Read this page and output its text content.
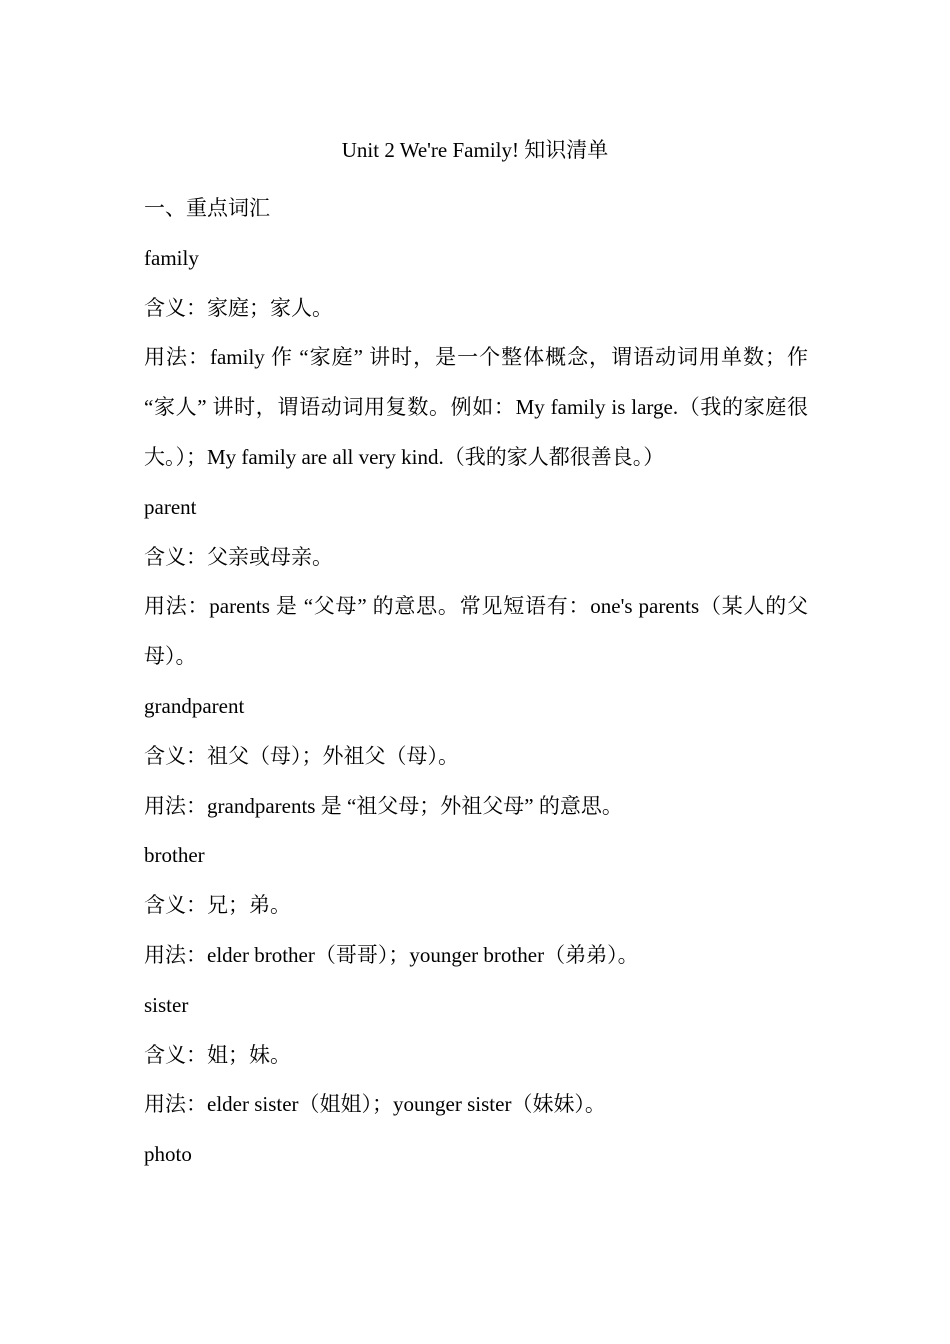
Unit 2 We're Family! 知识清单
一、重点词汇
family
含义：家庭；家人。
用法：family 作 “家庭” 讲时，是一个整体概念，谓语动词用单数；作 “家人” 讲时，谓语动词用复数。例如：My family is large.（我的家庭很大。）；My family are all very kind.（我的家人都很善良。）
parent
含义：父亲或母亲。
用法：parents 是 “父母” 的意思。常见短语有：one's parents（某人的父母）。
grandparent
含义：祖父（母）；外祖父（母）。
用法：grandparents 是 “祖父母；外祖父母” 的意思。
brother
含义：兄；弟。
用法：elder brother（哥哥）；younger brother（弟弟）。
sister
含义：姐；妹。
用法：elder sister（姐姐）；younger sister（妹妹）。
photo
